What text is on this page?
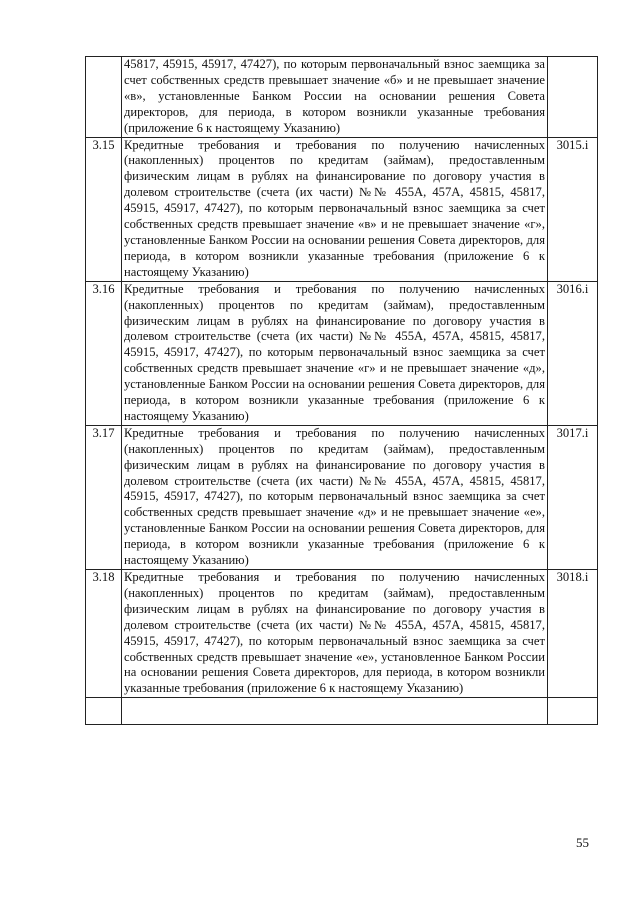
	45817, 45915, 45917, 47427), по которым первоначальный взнос заемщика за счет собственных средств превышает значение «б» и не превышает значение «в», установленные Банком России на основании решения Совета директоров, для периода, в котором возникли указанные требования (приложение 6 к настоящему Указанию)	

3.15	Кредитные требования и требования по получению начисленных (накопленных) процентов по кредитам (займам), предоставленным физическим лицам в рублях на финансирование по договору участия в долевом строительстве (счета (их части) №№ 455А, 457А, 45815, 45817, 45915, 45917, 47427), по которым первоначальный взнос заемщика за счет собственных средств превышает значение «в» и не превышает значение «г», установленные Банком России на основании решения Совета директоров, для периода, в котором возникли указанные требования (приложение 6 к настоящему Указанию)	3015.i
3.16	Кредитные требования и требования по получению начисленных (накопленных) процентов по кредитам (займам), предоставленным физическим лицам в рублях на финансирование по договору участия в долевом строительстве (счета (их части) №№ 455А, 457А, 45815, 45817, 45915, 45917, 47427), по которым первоначальный взнос заемщика за счет собственных средств превышает значение «г» и не превышает значение «д», установленные Банком России на основании решения Совета директоров, для периода, в котором возникли указанные требования (приложение 6 к настоящему Указанию)	3016.i
3.17	Кредитные требования и требования по получению начисленных (накопленных) процентов по кредитам (займам), предоставленным физическим лицам в рублях на финансирование по договору участия в долевом строительстве (счета (их части) №№ 455А, 457А, 45815, 45817, 45915, 45917, 47427), по которым первоначальный взнос заемщика за счет собственных средств превышает значение «д» и не превышает значение «е», установленные Банком России на основании решения Совета директоров, для периода, в котором возникли указанные требования (приложение 6 к настоящему Указанию)	3017.i
3.18	Кредитные требования и требования по получению начисленных (накопленных) процентов по кредитам (займам), предоставленным физическим лицам в рублях на финансирование по договору участия в долевом строительстве (счета (их части) №№ 455А, 457А, 45815, 45817, 45915, 45917, 47427), по которым первоначальный взнос заемщика за счет собственных средств превышает значение «е», установленное Банком России на основании решения Совета директоров, для периода, в котором возникли указанные требования (приложение 6 к настоящему Указанию)	3018.i

55
